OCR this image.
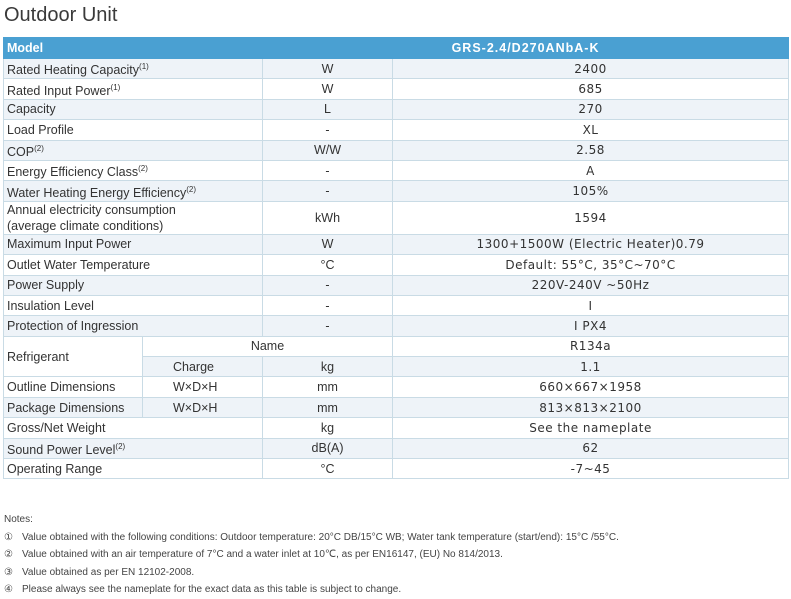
Outdoor Unit
Model		GRS-2.4/D270ANbA-K	
Rated Heating Capacity$^{(1)}$		W	2400
Rated Input Power$^{(1)}$		W	685
Capacity		L	270
Load Profile		-	XL
COP$^{(2)}$		W/W	2.58
Energy Efficiency Class$^{(2)}$		-	A
Water Heating Energy Efficiency$^{(2)}$		-	105%

Annual electricity consumption
(average climate conditions)		kWh	1594
Maximum Input Power		W	1300+1500W (Electric Heater)0.79
Outlet Water Temperature		°C	Default: 55°C, 35°C~70°C
Power Supply		-	220V-240V ~50Hz
Insulation Level		-	Ⅰ
Protection of Ingression		-	Ⅰ PX4
Refrigerant	Name		R134a
	Charge	kg	1.1
Outline Dimensions	W×D×H	mm	660×667×1958
Package Dimensions	W×D×H	mm	813×813×2100
Gross/Net Weight		kg	See the nameplate
Sound Power Level$^{(2)}$		dB(A)	62
Operating Range		°C	-7~45
Notes:
① Value obtained with the following conditions: Outdoor temperature: 20°C DB/15°C WB; Water tank temperature (start/end): 15°C /55°C.
② Value obtained with an air temperature of 7°C and a water inlet at 10℃, as per EN16147, (EU) No 814/2013.
③ Value obtained as per EN 12102-2008.
④ Please always see the nameplate for the exact data as this table is subject to change.
